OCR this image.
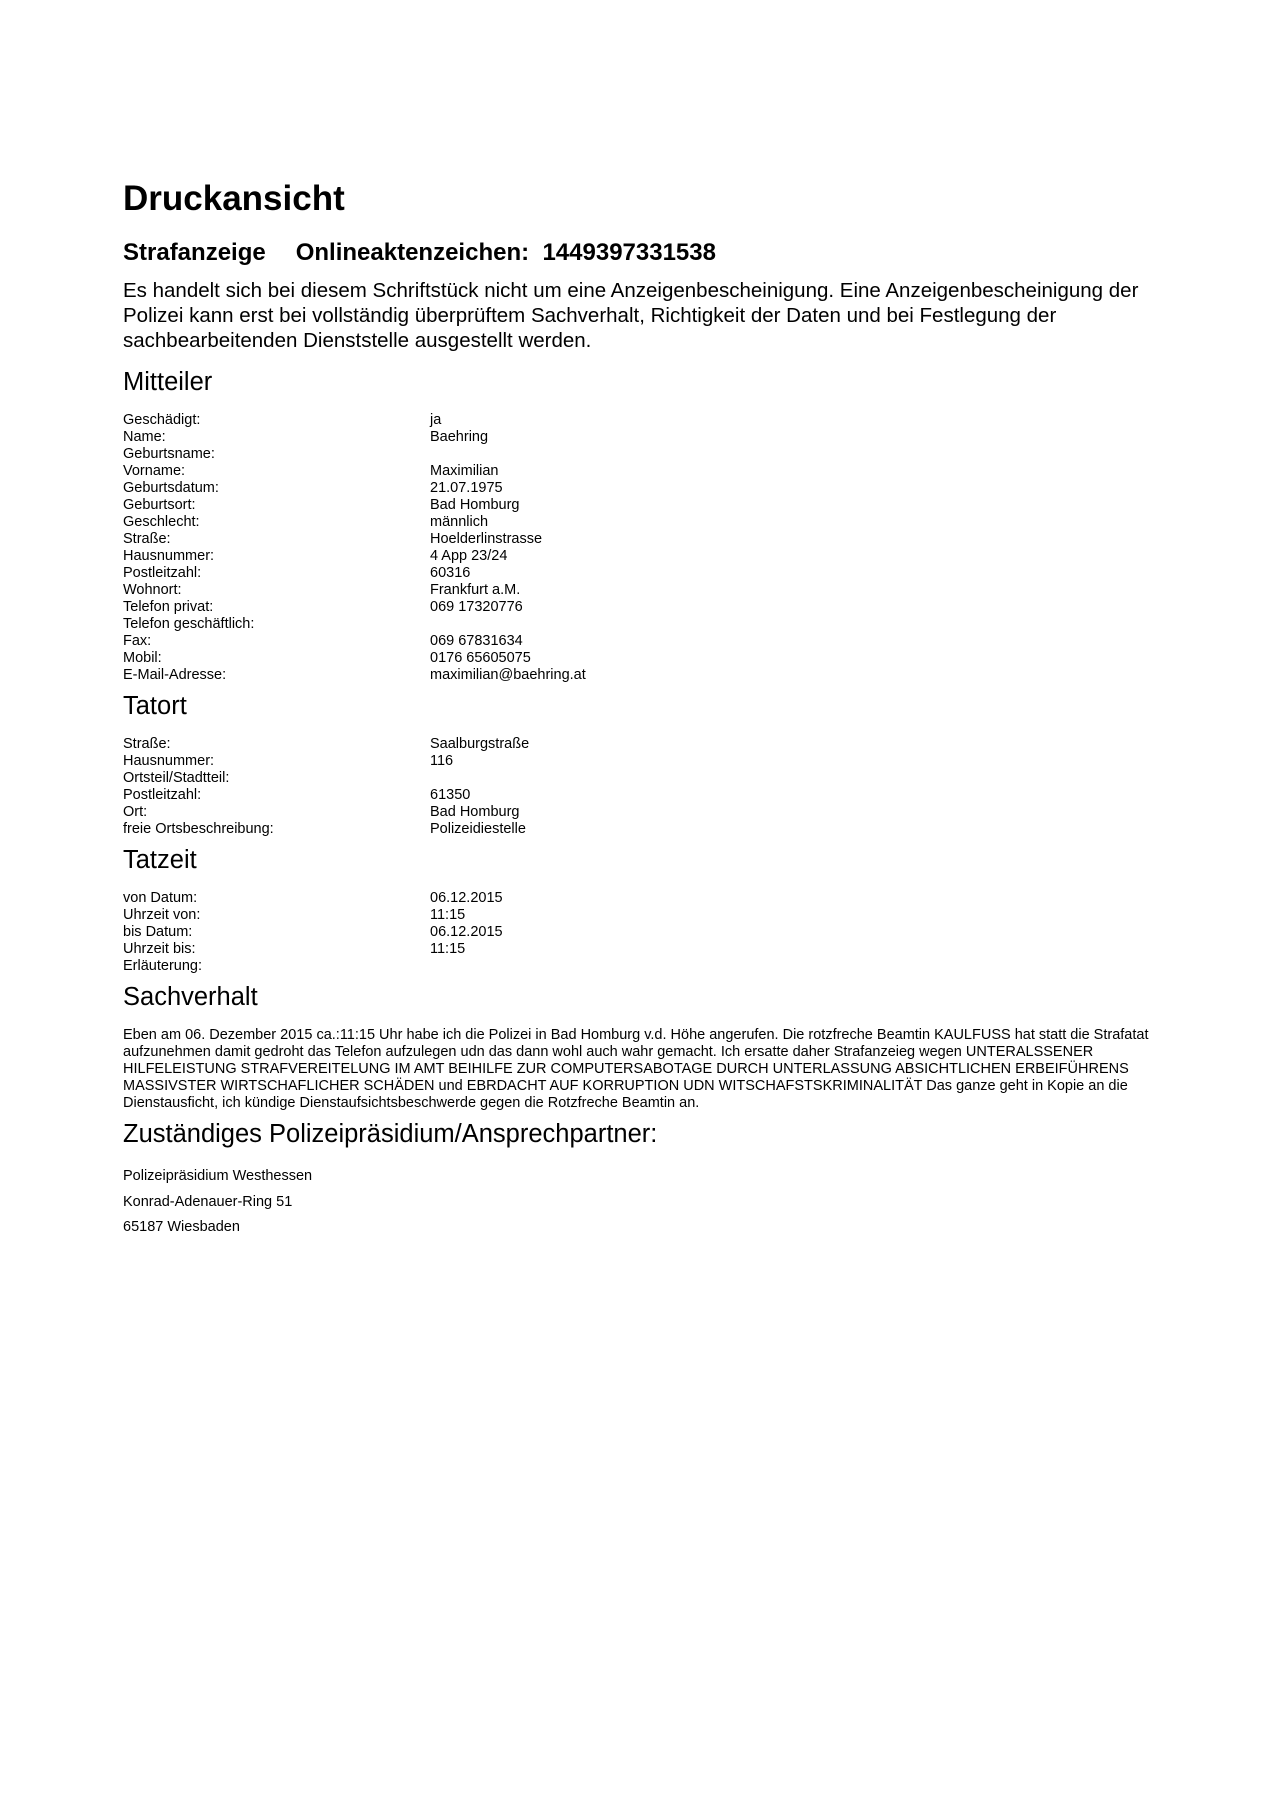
Druckansicht
Strafanzeige Onlineaktenzeichen: 1449397331538
Es handelt sich bei diesem Schriftstück nicht um eine Anzeigenbescheinigung. Eine Anzeigenbescheinigung der Polizei kann erst bei vollständig überprüftem Sachverhalt, Richtigkeit der Daten und bei Festlegung der sachbearbeitenden Dienststelle ausgestellt werden.
Mitteiler
Geschädigt:	ja
Name:	Baehring
Geburtsname:
Vorname:	Maximilian
Geburtsdatum:	21.07.1975
Geburtsort:	Bad Homburg
Geschlecht:	männlich
Straße:	Hoelderlinstrasse
Hausnummer:	4 App 23/24
Postleitzahl:	60316
Wohnort:	Frankfurt a.M.
Telefon privat:	069 17320776
Telefon geschäftlich:
Fax:	069 67831634
Mobil:	0176 65605075
E-Mail-Adresse:	maximilian@baehring.at
Tatort
Straße:	Saalburgstraße
Hausnummer:	116
Ortsteil/Stadtteil:
Postleitzahl:	61350
Ort:	Bad Homburg
freie Ortsbeschreibung:	Polizeidiestelle
Tatzeit
von Datum:	06.12.2015
Uhrzeit von:	11:15
bis Datum:	06.12.2015
Uhrzeit bis:	11:15
Erläuterung:
Sachverhalt
Eben am 06. Dezember 2015 ca.:11:15 Uhr habe ich die Polizei in Bad Homburg v.d. Höhe angerufen. Die rotzfreche Beamtin KAULFUSS hat statt die Strafatat aufzunehmen damit gedroht das Telefon aufzulegen udn das dann wohl auch wahr gemacht. Ich ersatte daher Strafanzeieg wegen UNTERALSSENER HILFELEISTUNG STRAFVEREITELUNG IM AMT BEIHILFE ZUR COMPUTERSABOTAGE DURCH UNTERLASSUNG ABSICHTLICHEN ERBEIFÜHRENS MASSIVSTER WIRTSCHAFLICHER SCHÄDEN und EBRDACHT AUF KORRUPTION UDN WITSCHAFSTSKRIMINALITÄT Das ganze geht in Kopie an die Dienstausficht, ich kündige Dienstaufsichtsbeschwerde gegen die Rotzfreche Beamtin an.
Zuständiges Polizeipräsidium/Ansprechpartner:
Polizeipräsidium Westhessen
Konrad-Adenauer-Ring 51
65187 Wiesbaden
